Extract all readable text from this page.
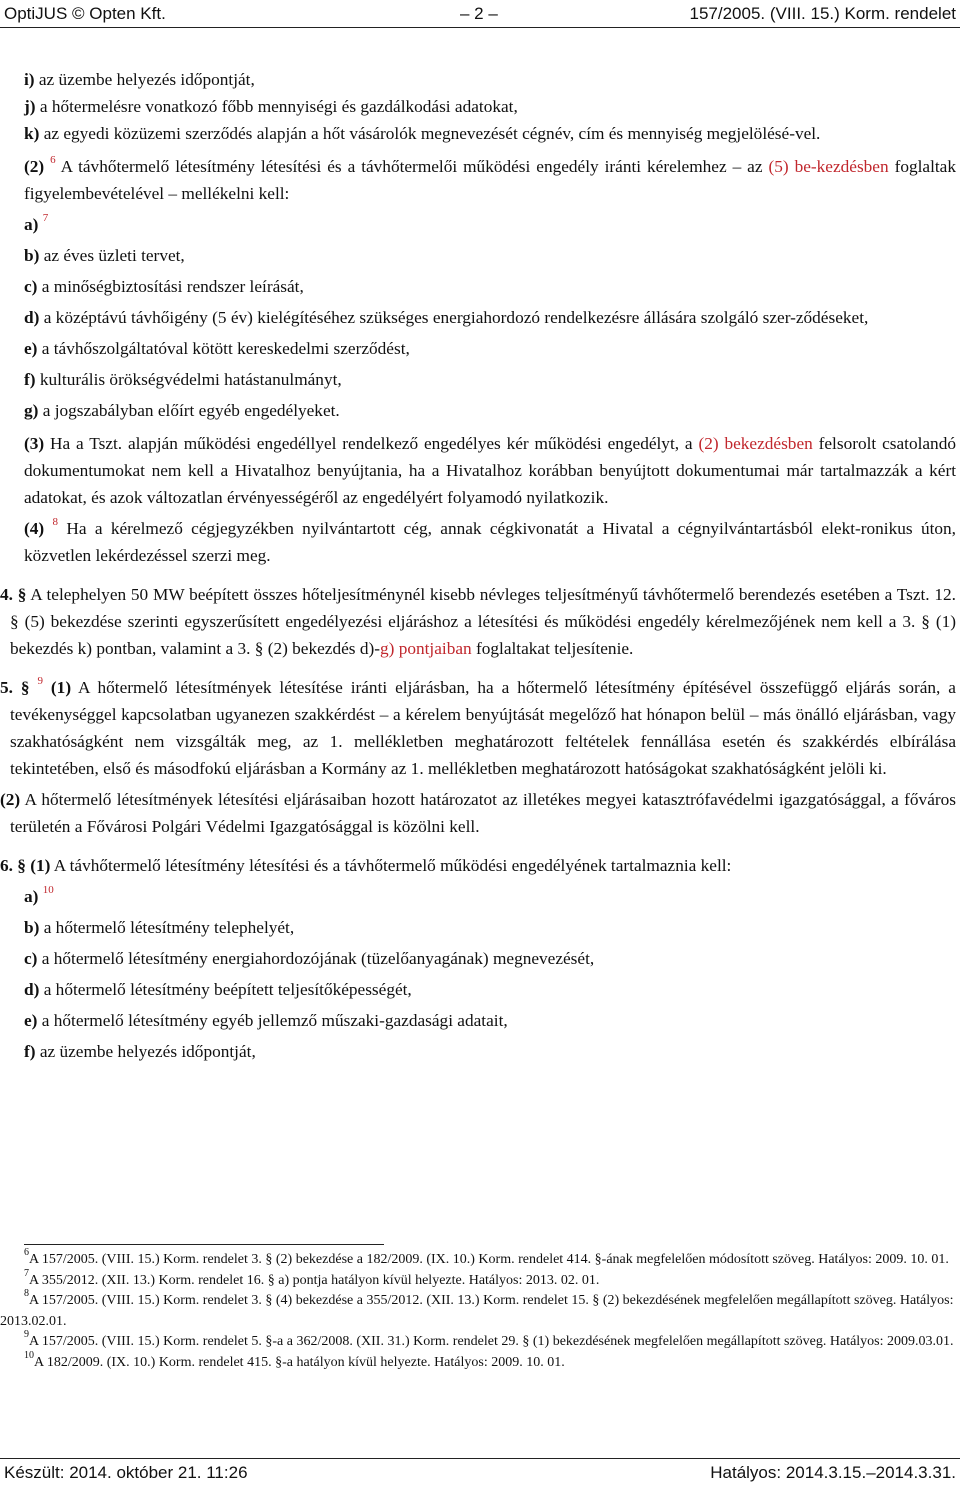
OptiJUS © Opten Kft.	– 2 –	157/2005. (VIII. 15.) Korm. rendelet

i) az üzembe helyezés időpontját,

j) a hőtermelésre vonatkozó főbb mennyiségi és gazdálkodási adatokat,

k) az egyedi közüzemi szerződés alapján a hőt vásárolók megnevezését cégnév, cím és mennyiség megjelölésé-vel.

(2) $^6$ A távhőtermelő létesítmény létesítési és a távhőtermelői működési engedély iránti kérelemhez – az (5) be-kezdésben foglaltak figyelembevételével – mellékelni kell:

a) $^7$

b) az éves üzleti tervet,

c) a minőségbiztosítási rendszer leírását,

d) a középtávú távhőigény (5 év) kielégítéséhez szükséges energiahordozó rendelkezésre állására szolgáló szer-ződéseket,

e) a távhőszolgáltatóval kötött kereskedelmi szerződést,

f) kulturális örökségvédelmi hatástanulmányt,

g) a jogszabályban előírt egyéb engedélyeket.

(3) Ha a Tszt. alapján működési engedéllyel rendelkező engedélyes kér működési engedélyt, a (2) bekezdésben felsorolt csatolandó dokumentumokat nem kell a Hivatalhoz benyújtania, ha a Hivatalhoz korábban benyújtott dokumentumai már tartalmazzák a kért adatokat, és azok változatlan érvényességéről az engedélyért folyamodó nyilatkozik.

(4) $^8$ Ha a kérelmező cégjegyzékben nyilvántartott cég, annak cégkivonatát a Hivatal a cégnyilvántartásból elekt-ronikus úton, közvetlen lekérdezéssel szerzi meg.

4. § A telephelyen 50 MW beépített összes hőteljesítménynél kisebb névleges teljesítményű távhőtermelő berendezés esetében a Tszt. 12. § (5) bekezdése szerinti egyszerűsített engedélyezési eljáráshoz a létesítési és működési engedély kérelmezőjének nem kell a 3. § (1) bekezdés k) pontban, valamint a 3. § (2) bekezdés d)-g) pontjaiban foglaltakat teljesítenie.

5. § $^9$ (1) A hőtermelő létesítmények létesítése iránti eljárásban, ha a hőtermelő létesítmény építésével összefüggő eljárás során, a tevékenységgel kapcsolatban ugyanezen szakkérdést – a kérelem benyújtását megelőző hat hónapon belül – más önálló eljárásban, vagy szakhatóságként nem vizsgálták meg, az 1. mellékletben meghatározott feltételek fennállása esetén és szakkérdés elbírálása tekintetében, első és másodfokú eljárásban a Kormány az 1. mellékletben meghatározott hatóságokat szakhatóságként jelöli ki.

(2) A hőtermelő létesítmények létesítési eljárásaiban hozott határozatot az illetékes megyei katasztrófavédelmi igazgatósággal, a főváros területén a Fővárosi Polgári Védelmi Igazgatósággal is közölni kell.

6. § (1) A távhőtermelő létesítmény létesítési és a távhőtermelő működési engedélyének tartalmaznia kell:

a) $^{10}$

b) a hőtermelő létesítmény telephelyét,

c) a hőtermelő létesítmény energiahordozójának (tüzelőanyagának) megnevezését,

d) a hőtermelő létesítmény beépített teljesítőképességét,

e) a hőtermelő létesítmény egyéb jellemző műszaki-gazdasági adatait,

f) az üzembe helyezés időpontját,

$^6$A 157/2005. (VIII. 15.) Korm. rendelet 3. § (2) bekezdése a 182/2009. (IX. 10.) Korm. rendelet 414. §-ának megfelelően módosított szöveg. Hatályos: 2009. 10. 01.

$^7$A 355/2012. (XII. 13.) Korm. rendelet 16. § a) pontja hatályon kívül helyezte. Hatályos: 2013. 02. 01.

$^8$A 157/2005. (VIII. 15.) Korm. rendelet 3. § (4) bekezdése a 355/2012. (XII. 13.) Korm. rendelet 15. § (2) bekezdésének megfelelően megállapított szöveg. Hatályos: 2013.02.01.

$^9$A 157/2005. (VIII. 15.) Korm. rendelet 5. §-a a 362/2008. (XII. 31.) Korm. rendelet 29. § (1) bekezdésének megfelelően megállapított szöveg. Hatályos: 2009.03.01.

$^{10}$A 182/2009. (IX. 10.) Korm. rendelet 415. §-a hatályon kívül helyezte. Hatályos: 2009. 10. 01.

Készült: 2014. október 21. 11:26	Hatályos: 2014.3.15.–2014.3.31.
